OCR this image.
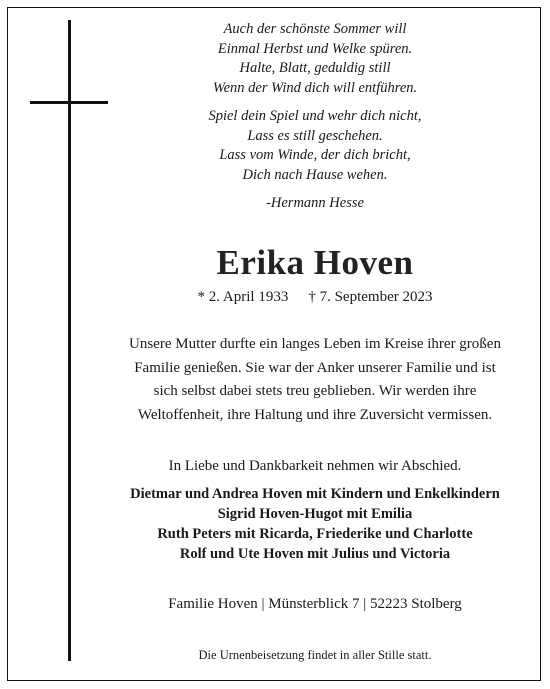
Auch der schönste Sommer will
Einmal Herbst und Welke spüren.
Halte, Blatt, geduldig still
Wenn der Wind dich will entführen.
Spiel dein Spiel und wehr dich nicht,
Lass es still geschehen.
Lass vom Winde, der dich bricht,
Dich nach Hause wehen.
-Hermann Hesse
Erika Hoven
* 2. April 1933 † 7. September 2023
Unsere Mutter durfte ein langes Leben im Kreise ihrer großen
Familie genießen. Sie war der Anker unserer Familie und ist
sich selbst dabei stets treu geblieben. Wir werden ihre
Weltoffenheit, ihre Haltung und ihre Zuversicht vermissen.
In Liebe und Dankbarkeit nehmen wir Abschied.
Dietmar und Andrea Hoven mit Kindern und Enkelkindern
Sigrid Hoven-Hugot mit Emilia
Ruth Peters mit Ricarda, Friederike und Charlotte
Rolf und Ute Hoven mit Julius und Victoria
Familie Hoven | Münsterblick 7 | 52223 Stolberg
Die Urnenbeisetzung findet in aller Stille statt.
